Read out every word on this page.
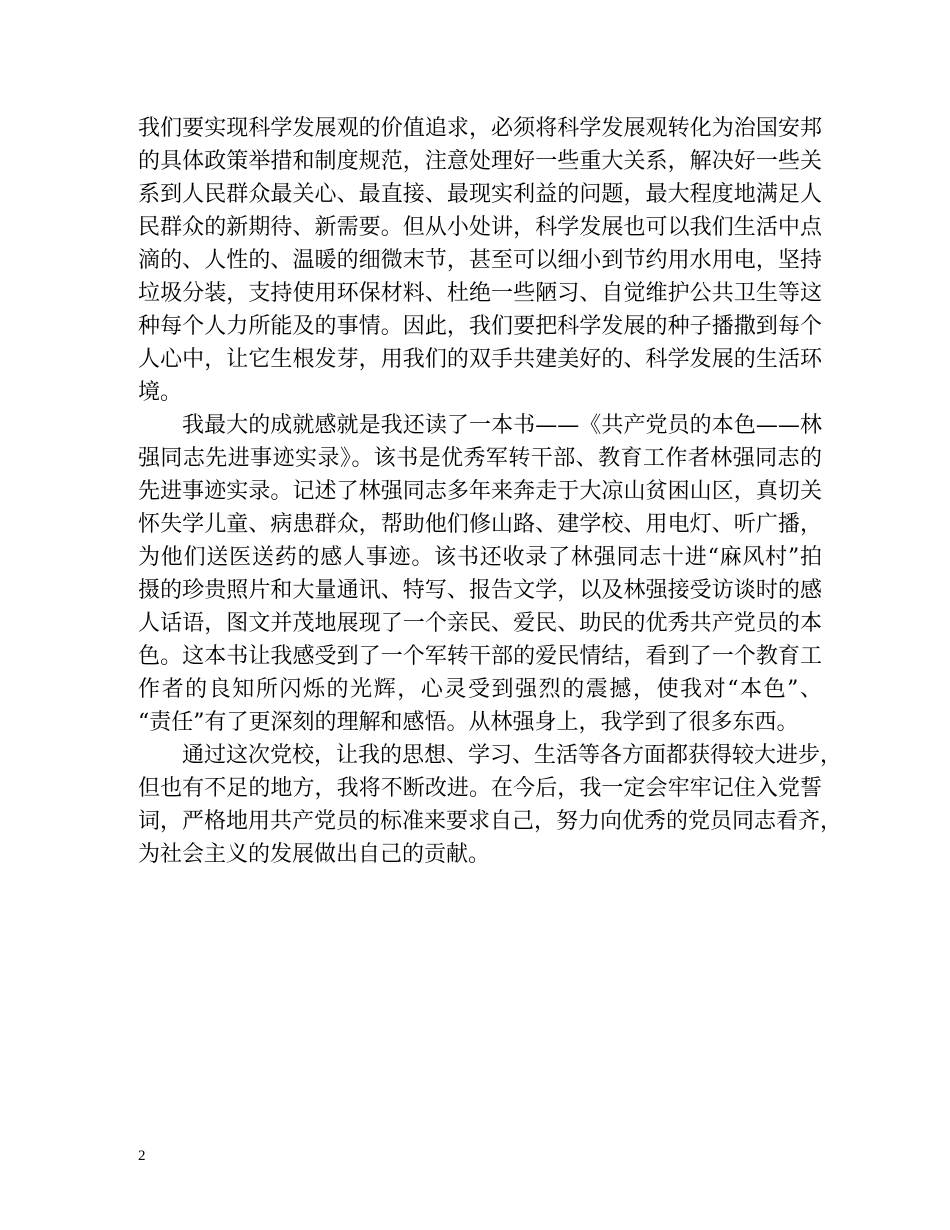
我们要实现科学发展观的价值追求，必须将科学发展观转化为治国安邦
的具体政策举措和制度规范，注意处理好一些重大关系，解决好一些关
系到人民群众最关心、最直接、最现实利益的问题，最大程度地满足人
民群众的新期待、新需要。但从小处讲，科学发展也可以我们生活中点
滴的、人性的、温暖的细微末节，甚至可以细小到节约用水用电，坚持
垃圾分装，支持使用环保材料、杜绝一些陋习、自觉维护公共卫生等这
种每个人力所能及的事情。因此，我们要把科学发展的种子播撒到每个
人心中，让它生根发芽，用我们的双手共建美好的、科学发展的生活环
境。
我最大的成就感就是我还读了一本书——《共产党员的本色——林
强同志先进事迹实录》。该书是优秀军转干部、教育工作者林强同志的
先进事迹实录。记述了林强同志多年来奔走于大凉山贫困山区，真切关
怀失学儿童、病患群众，帮助他们修山路、建学校、用电灯、听广播，
为他们送医送药的感人事迹。该书还收录了林强同志十进“麻风村”拍
摄的珍贵照片和大量通讯、特写、报告文学，以及林强接受访谈时的感
人话语，图文并茂地展现了一个亲民、爱民、助民的优秀共产党员的本
色。这本书让我感受到了一个军转干部的爱民情结，看到了一个教育工
作者的良知所闪烁的光辉，心灵受到强烈的震撼，使我对“本色”、
“责任”有了更深刻的理解和感悟。从林强身上，我学到了很多东西。
通过这次党校，让我的思想、学习、生活等各方面都获得较大进步，
但也有不足的地方，我将不断改进。在今后，我一定会牢牢记住入党誓
词，严格地用共产党员的标准来要求自己，努力向优秀的党员同志看齐，
为社会主义的发展做出自己的贡献。
2
